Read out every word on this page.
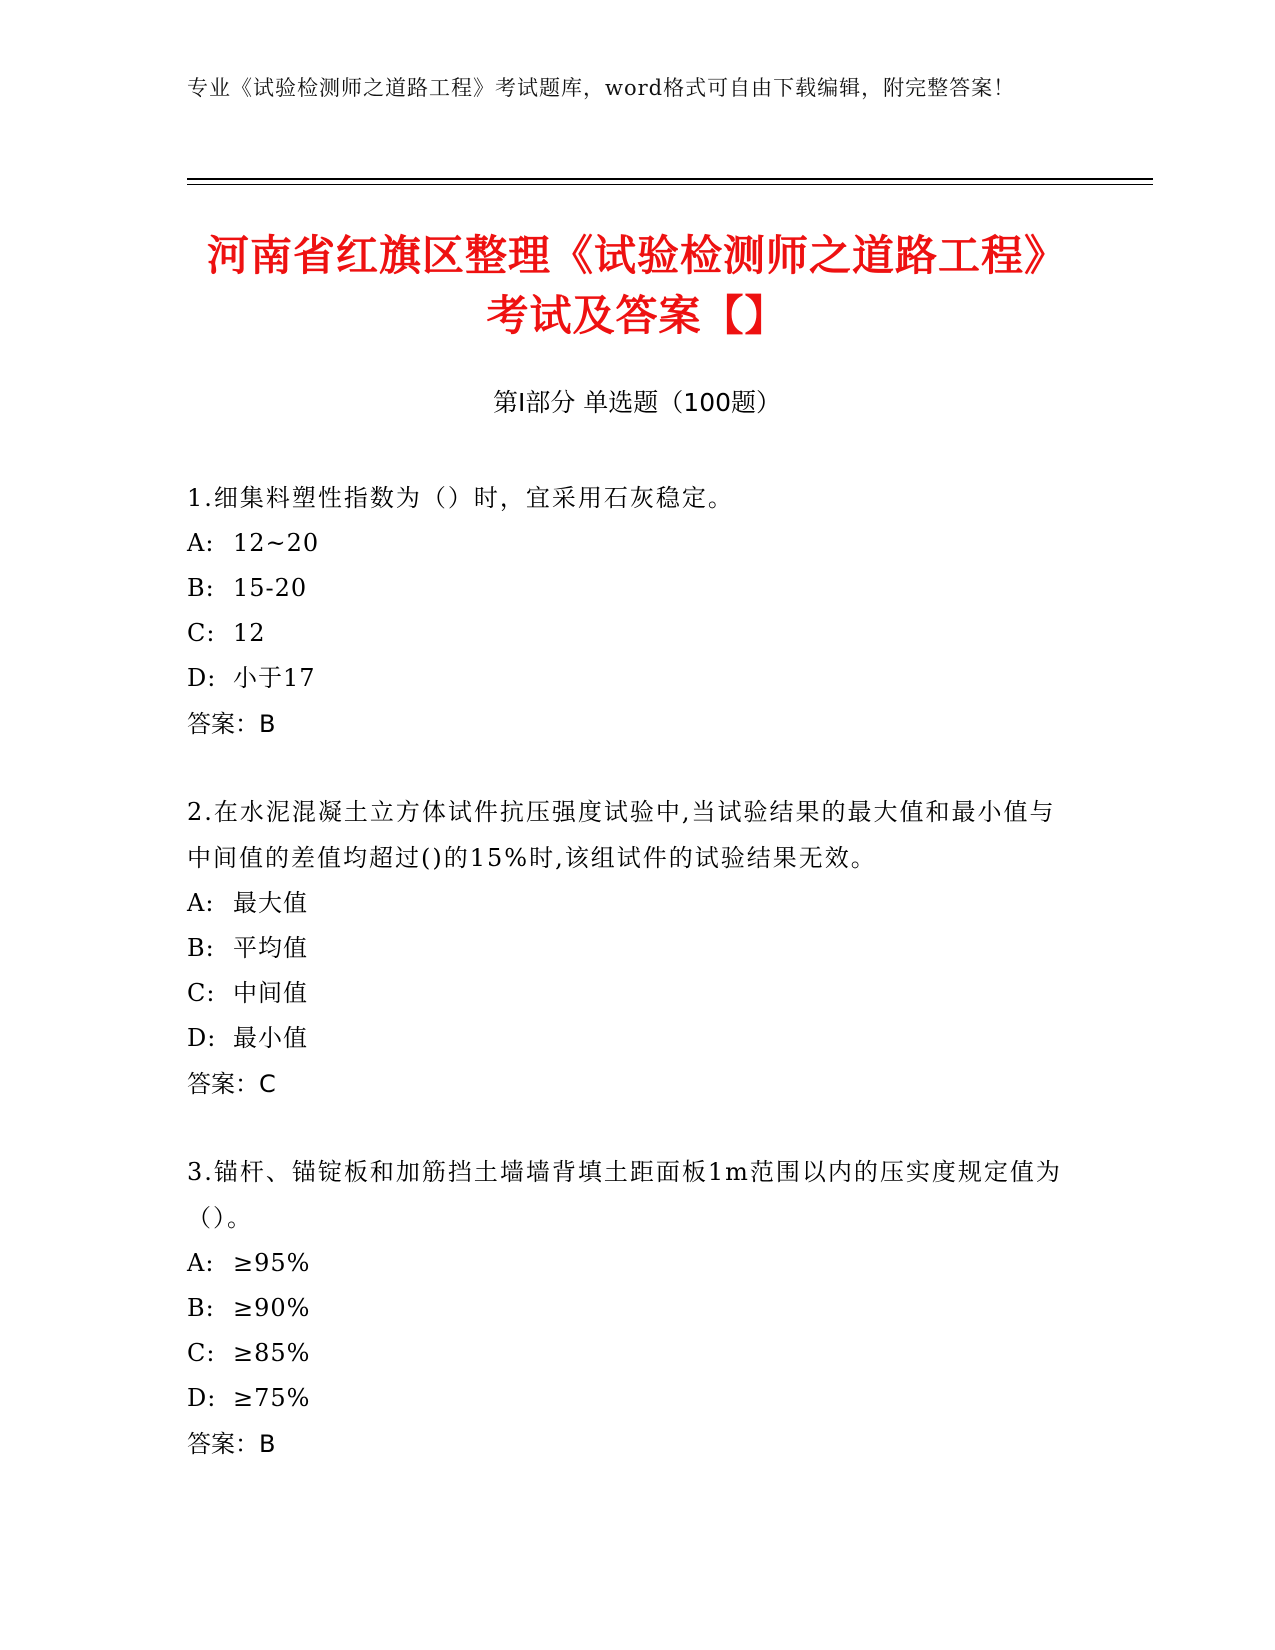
专业《试验检测师之道路工程》考试题库，word格式可自由下载编辑，附完整答案！
河南省红旗区整理《试验检测师之道路工程》考试及答案【】
第I部分 单选题（100题）

1.细集料塑性指数为（）时，宜采用石灰稳定。

A: 12~20

B: 15-20

C: 12

D: 小于17

答案：B

2.在水泥混凝土立方体试件抗压强度试验中,当试验结果的最大值和最小值与中间值的差值均超过()的15%时,该组试件的试验结果无效。

A: 最大值

B: 平均值

C: 中间值

D: 最小值

答案：C

3.锚杆、锚锭板和加筋挡土墙墙背填土距面板1m范围以内的压实度规定值为（）。

A: ≥95%

B: ≥90%

C: ≥85%

D: ≥75%

答案：B
